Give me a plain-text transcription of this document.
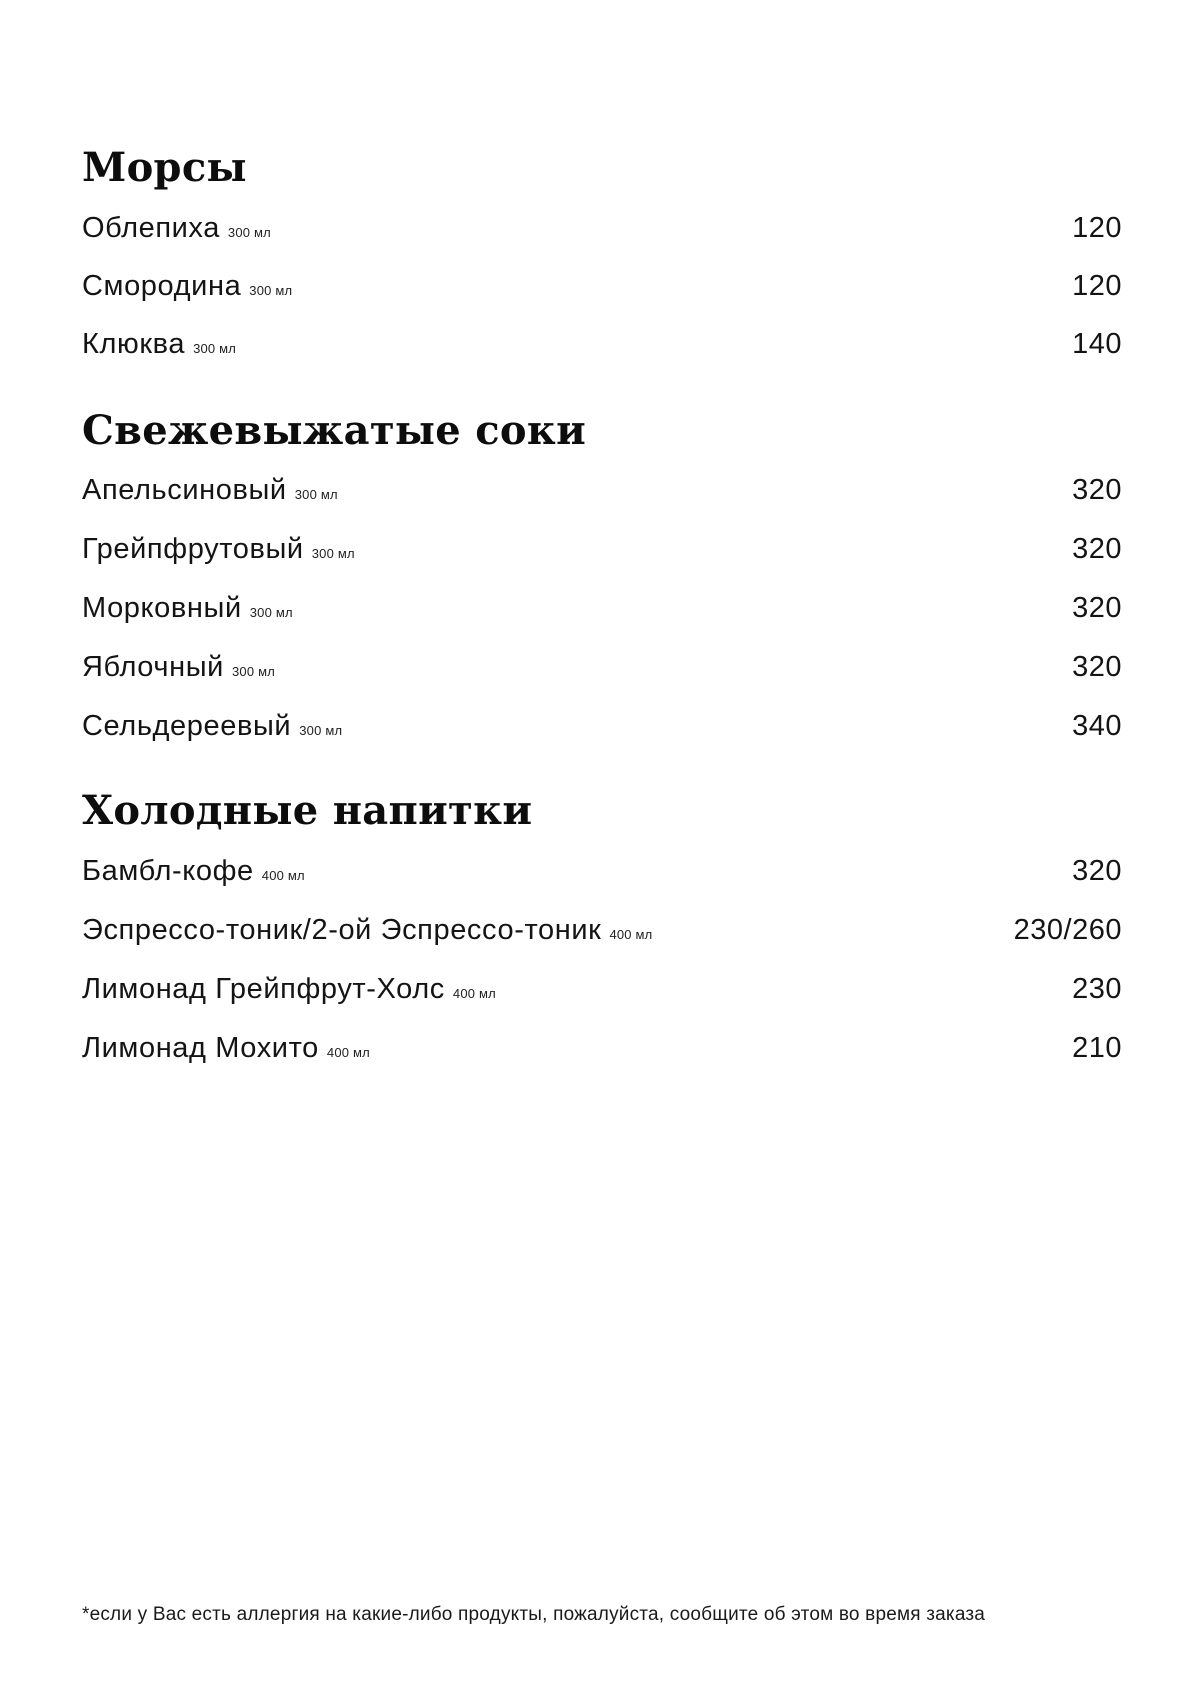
Морсы
Облепиха 300 мл	120
Смородина 300 мл	120
Клюква 300 мл	140
Свежевыжатые соки
Апельсиновый 300 мл	320
Грейпфрутовый 300 мл	320
Морковный 300 мл	320
Яблочный 300 мл	320
Сельдереевый 300 мл	340
Холодные напитки
Бамбл-кофе 400 мл	320
Эспрессо-тоник/2-ой Эспрессо-тоник 400 мл	230/260
Лимонад Грейпфрут-Холс 400 мл	230
Лимонад Мохито 400 мл	210
*если у Вас есть аллергия на какие-либо продукты, пожалуйста, сообщите об этом во время заказа
